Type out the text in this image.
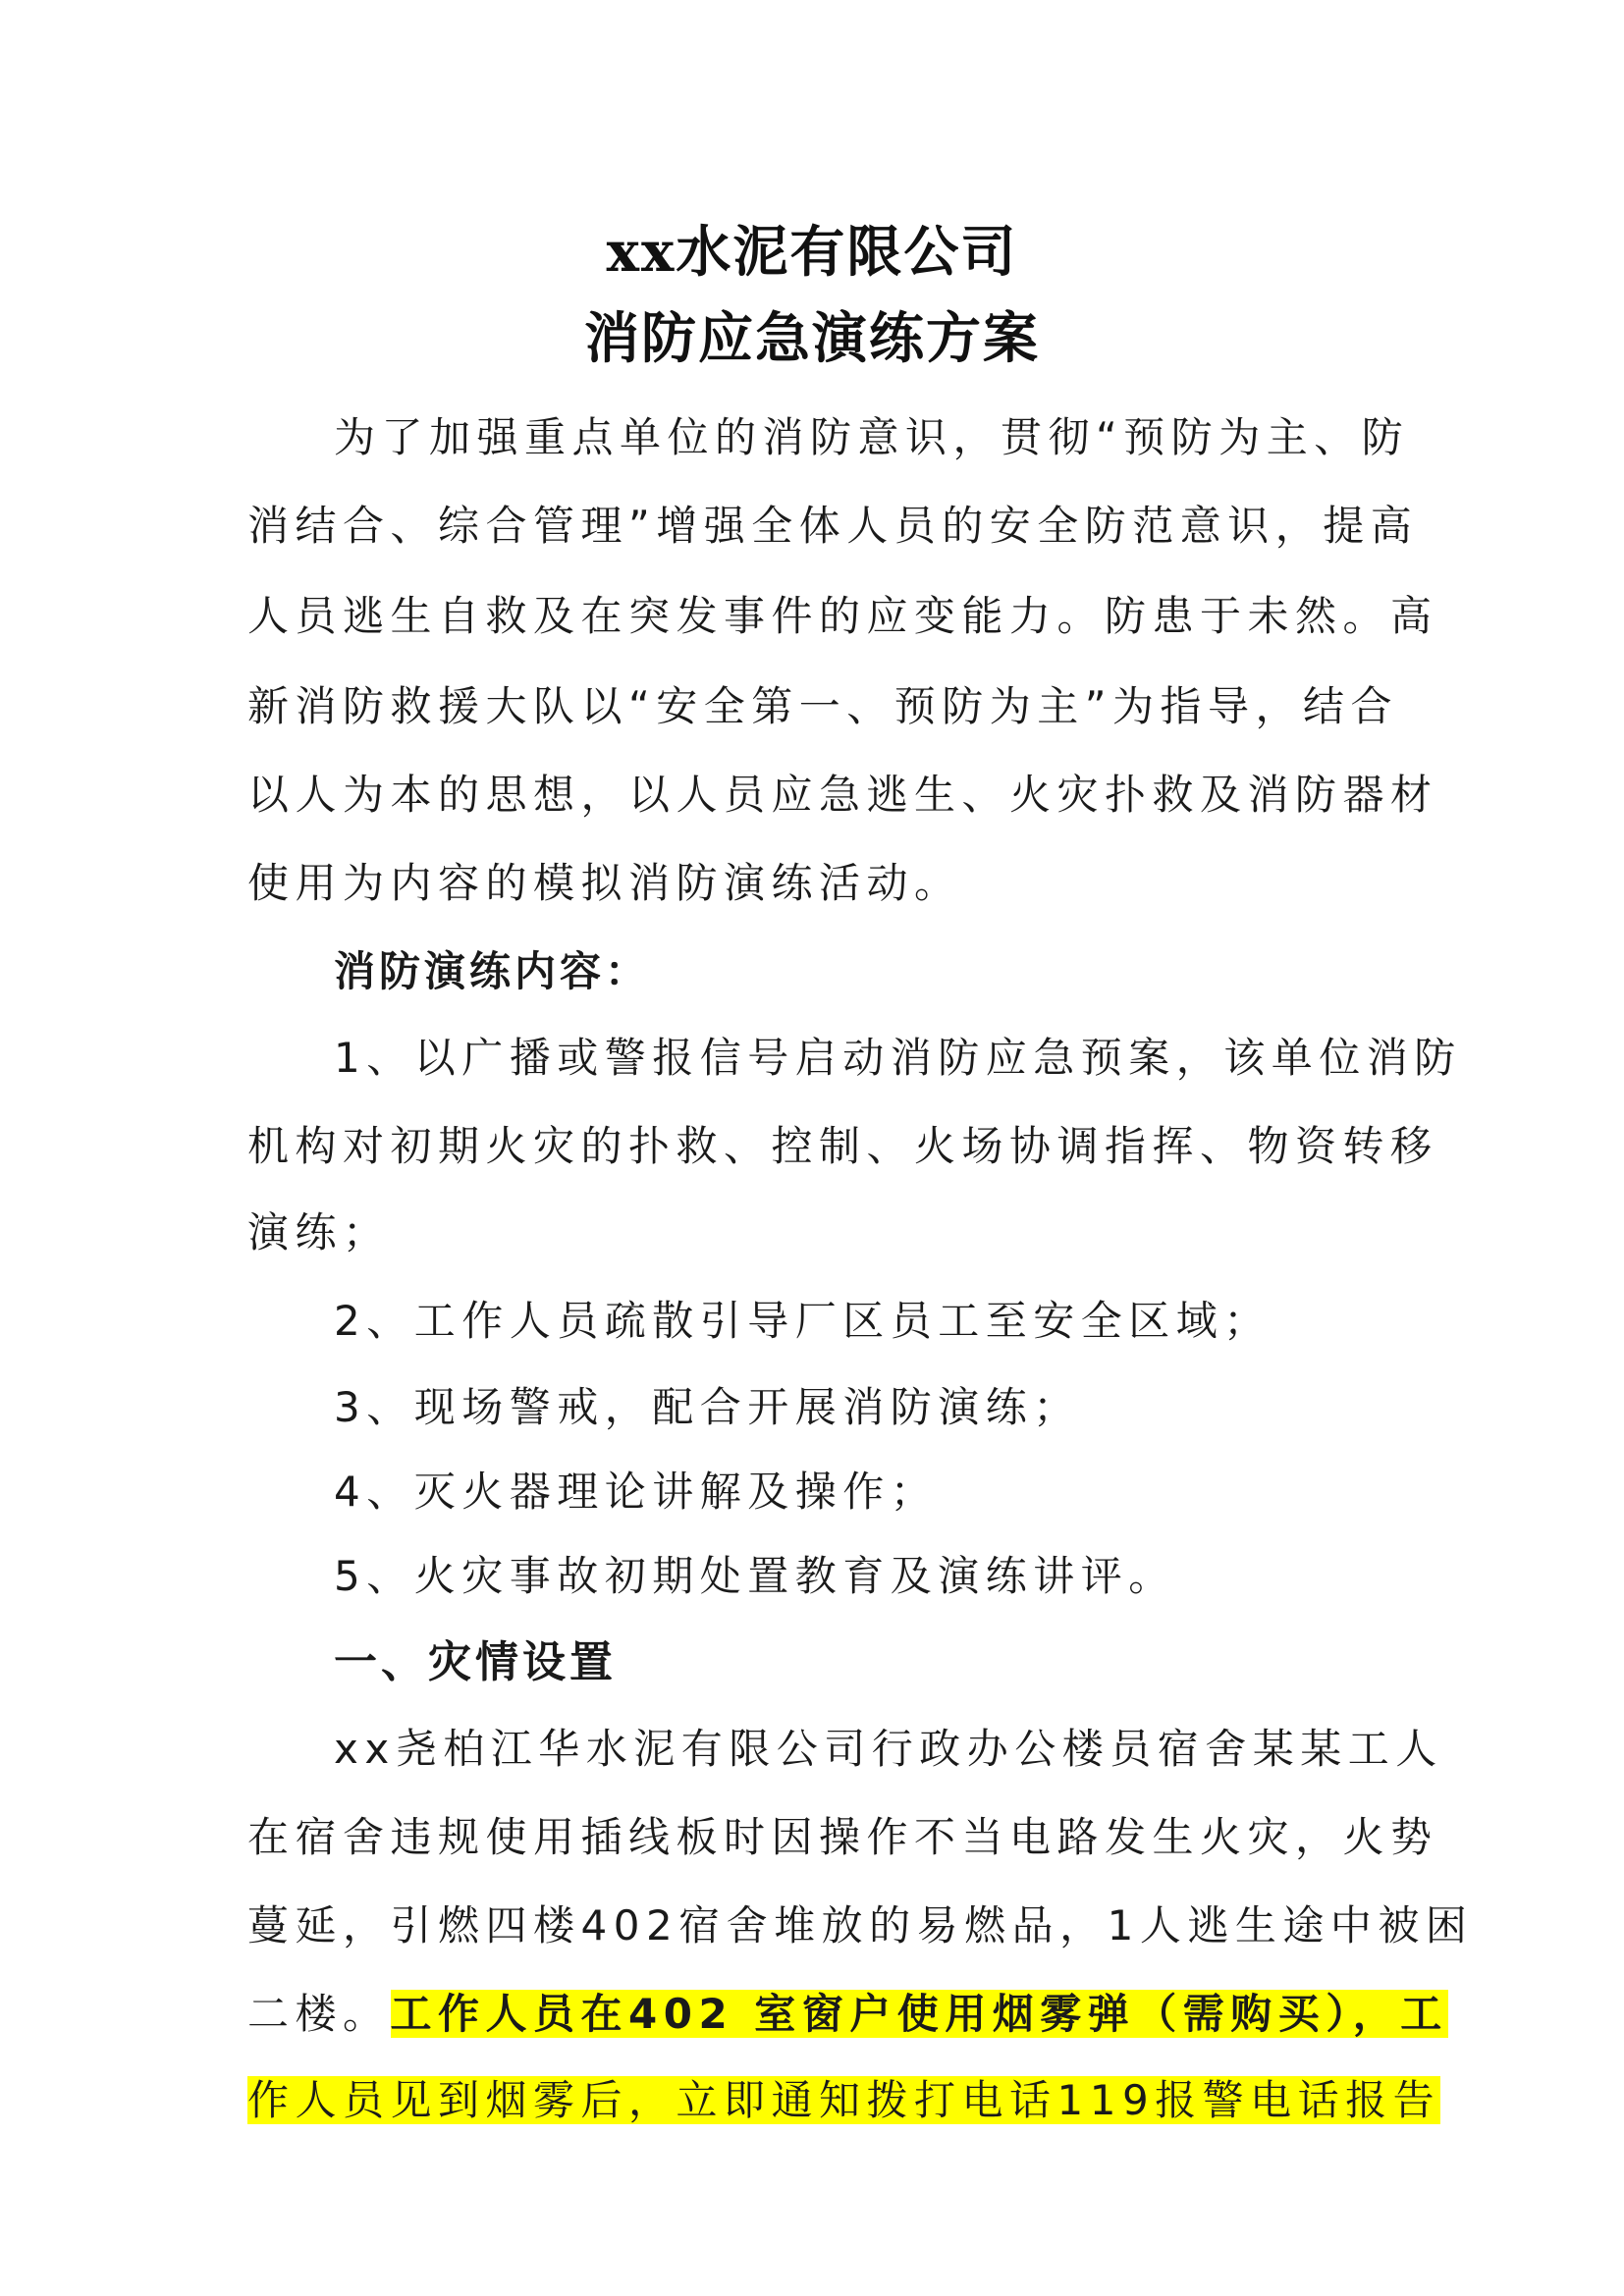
xx水泥有限公司
消防应急演练方案
为了加强重点单位的消防意识，贯彻“预防为主、防
消结合、综合管理”增强全体人员的安全防范意识，提高
人员逃生自救及在突发事件的应变能力。防患于未然。高
新消防救援大队以“安全第一、预防为主”为指导，结合
以人为本的思想，以人员应急逃生、火灾扑救及消防器材
使用为内容的模拟消防演练活动。
消防演练内容：
1、以广播或警报信号启动消防应急预案，该单位消防
机构对初期火灾的扑救、控制、火场协调指挥、物资转移
演练；
2、工作人员疏散引导厂区员工至安全区域；
3、现场警戒，配合开展消防演练；
4、灭火器理论讲解及操作；
5、火灾事故初期处置教育及演练讲评。
一、灾情设置
xx尧柏江华水泥有限公司行政办公楼员宿舍某某工人
在宿舍违规使用插线板时因操作不当电路发生火灾，火势
蔓延，引燃四楼402宿舍堆放的易燃品，1人逃生途中被困
二楼。工作人员在402 室窗户使用烟雾弹（需购买），工
作人员见到烟雾后，立即通知拨打电话119报警电话报告
